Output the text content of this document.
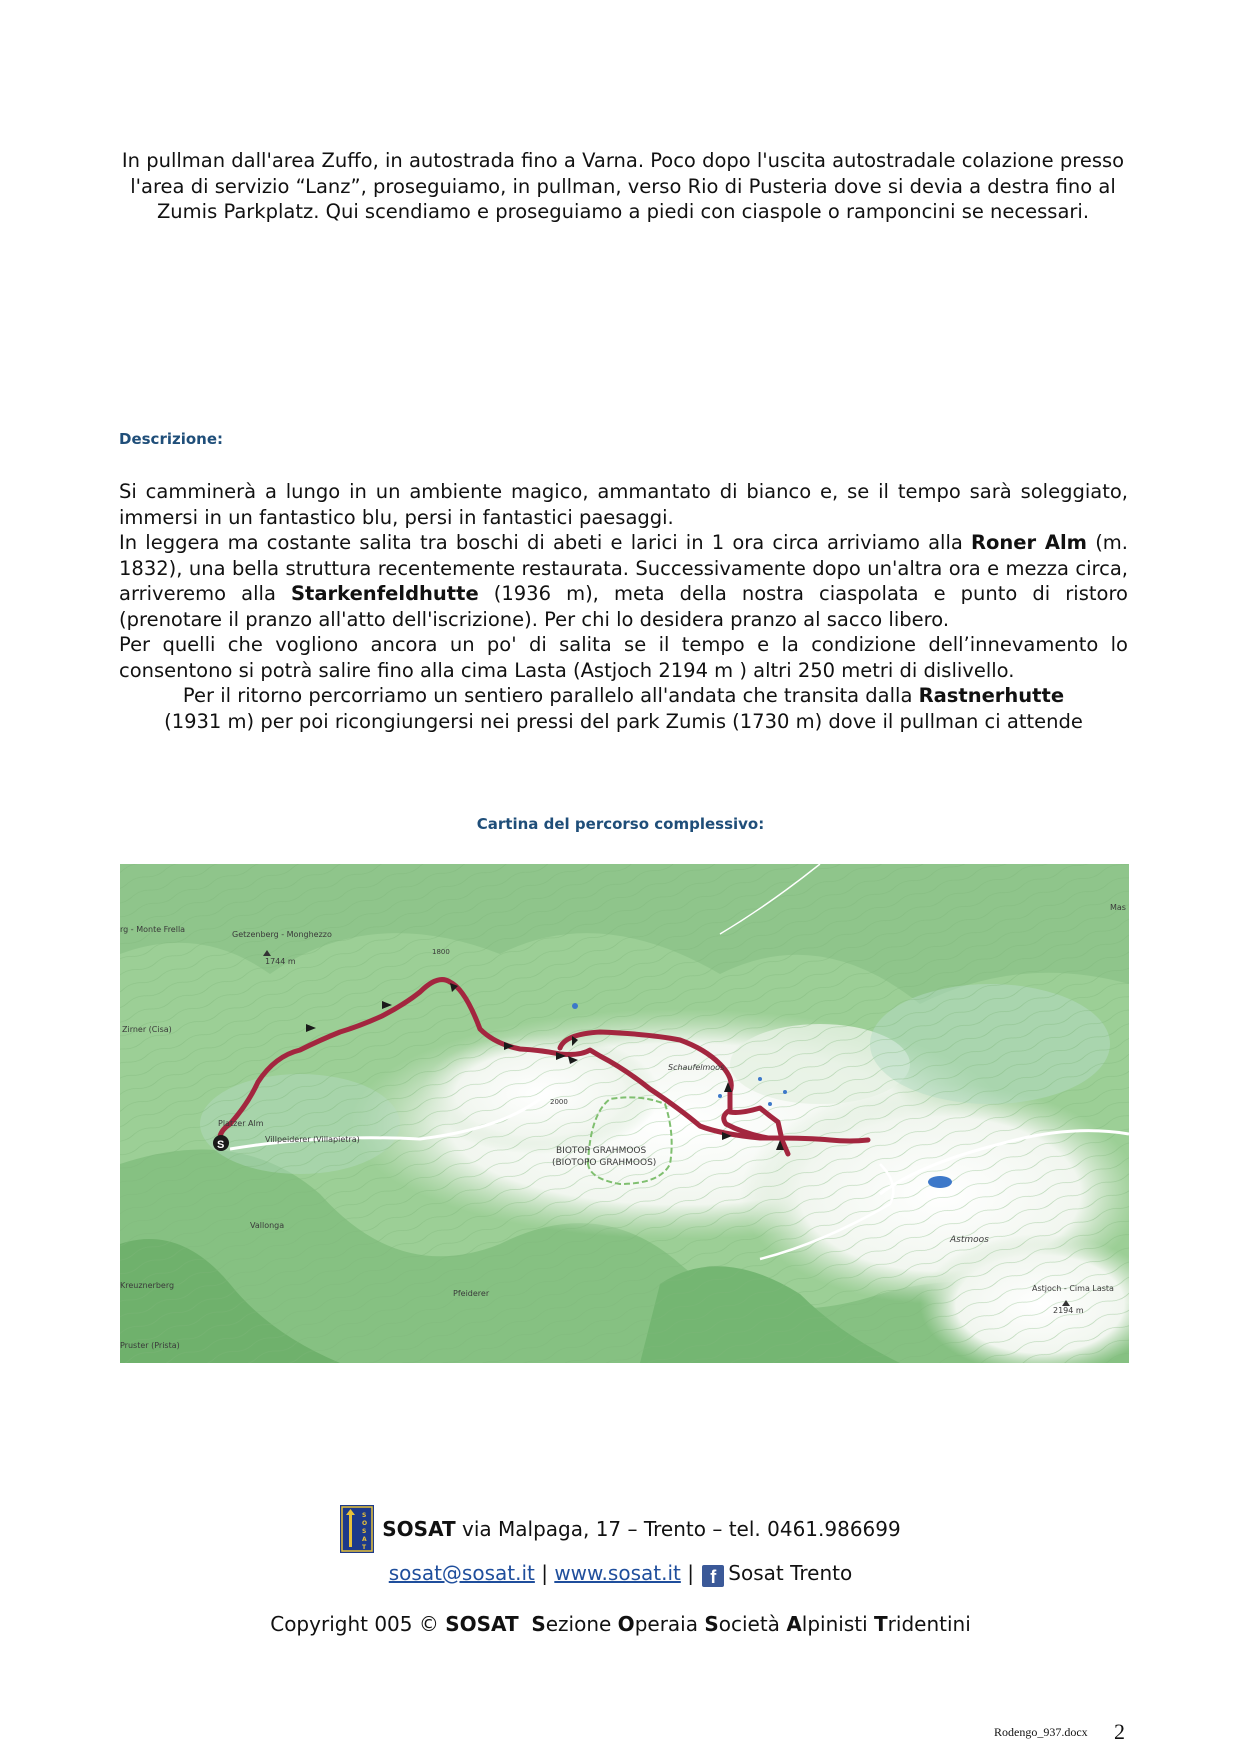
In pullman dall'area Zuffo, in autostrada fino a Varna. Poco dopo l'uscita autostradale colazione presso l'area di servizio “Lanz”, proseguiamo, in pullman, verso Rio di Pusteria dove si devia a destra fino al Zumis Parkplatz. Qui scendiamo e proseguiamo a piedi con ciaspole o ramponcini se necessari.

Descrizione:

Si camminerà a lungo in un ambiente magico, ammantato di bianco e, se il tempo sarà soleggiato, immersi in un fantastico blu, persi in fantastici paesaggi.

In leggera ma costante salita tra boschi di abeti e larici in 1 ora circa arriviamo alla Roner Alm (m. 1832), una bella struttura recentemente restaurata. Successivamente dopo un'altra ora e mezza circa, arriveremo alla Starkenfeldhutte (1936 m), meta della nostra ciaspolata e punto di ristoro (prenotare il pranzo all'atto dell'iscrizione). Per chi lo desidera pranzo al sacco libero.

Per quelli che vogliono ancora un po' di salita se il tempo e la condizione dell’innevamento lo consentono si potrà salire fino alla cima Lasta (Astjoch 2194 m ) altri 250 metri di dislivello.

Per il ritorno percorriamo un sentiero parallelo all'andata che transita dalla Rastnerhutte
(1931 m) per poi ricongiungersi nei pressi del park Zumis (1730 m) dove il pullman ci attende

Cartina del percorso complessivo:
S
Getzenberg - Monghezzo
1744 m
rg - Monte Frella
Zirner (Cisa)
Platzer Alm
Villpeiderer (Villapietra)
Schaufelmoos
BIOTOP GRAHMOOS
(BIOTOPO GRAHMOOS)
Astmoos
Astjoch - Cima Lasta
2194 m
Vallonga
Kreuznerberg
Pruster (Prista)
Pfeiderer
Mas
1800
2000
S
O
S
A
T
SOSAT via Malpaga, 17 – Trento – tel. 0461.986699
sosat@sosat.it | www.sosat.it | f Sosat Trento
Copyright 005 © SOSAT Sezione Operaia Società Alpinisti Tridentini
Rodengo_937.docx 2
